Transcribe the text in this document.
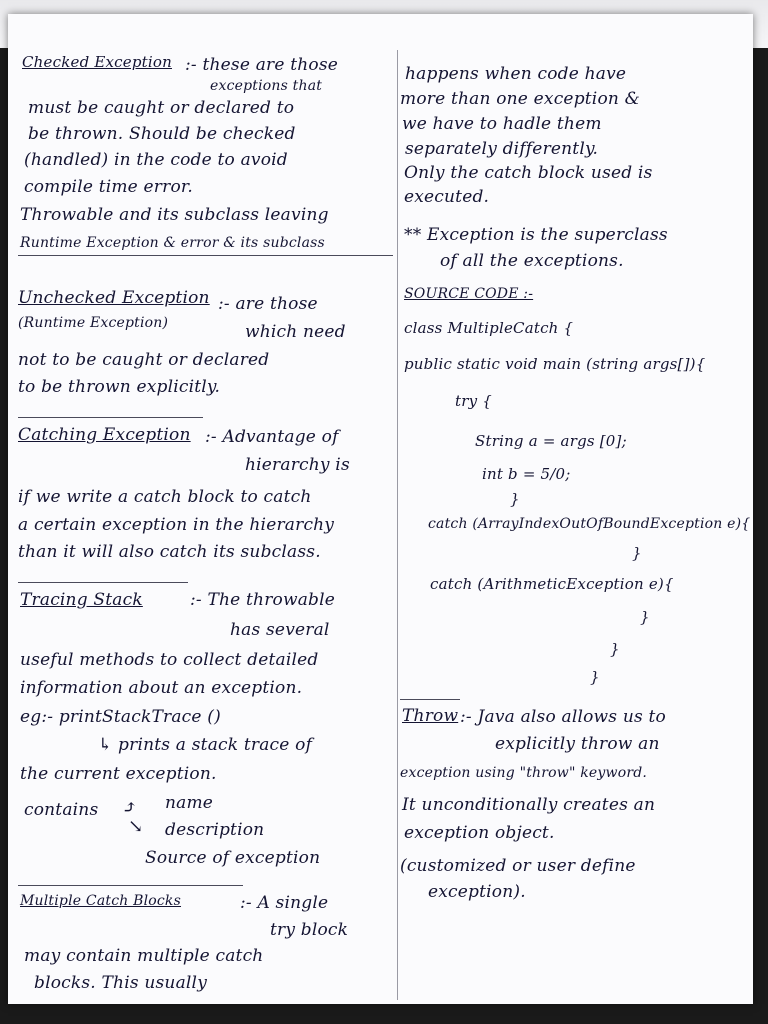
Checked Exception :- these are those
exceptions that
must be caught or declared to
be thrown. Should be checked
(handled) in the code to avoid
compile time error.
Throwable and its subclass leaving
Runtime Exception & error & its subclass
Unchecked Exception :- are those
(Runtime Exception)	which need
not to be caught or declared
to be thrown explicitly.
Catching Exception :- Advantage of
hierarchy is
if we write a catch block to catch
a certain exception in the hierarchy
than it will also catch its subclass.
Tracing Stack	:- The throwable
has several
useful methods to collect detailed
information about an exception.
eg:- printStackTrace ()
↳ prints a stack trace of
the current exception.
contains ⤴
↘
name
description
Source of exception
Multiple Catch Blocks	:- A single
try block
may contain multiple catch
blocks. This usually
happens when code have
more than one exception &
we have to hadle them
separately differently.
Only the catch block used is
executed.
** Exception is the superclass
of all the exceptions.
SOURCE CODE :-
class MultipleCatch {
public static void main (string args[]){
try {
String a = args [0];
int b = 5/0;
}
catch (ArrayIndexOutOfBoundException e){
}
catch (ArithmeticException e){
}
}
}
Throw :- Java also allows us to
explicitly throw an
exception using "throw" keyword.
It unconditionally creates an
exception object.
(customized or user define
exception).
